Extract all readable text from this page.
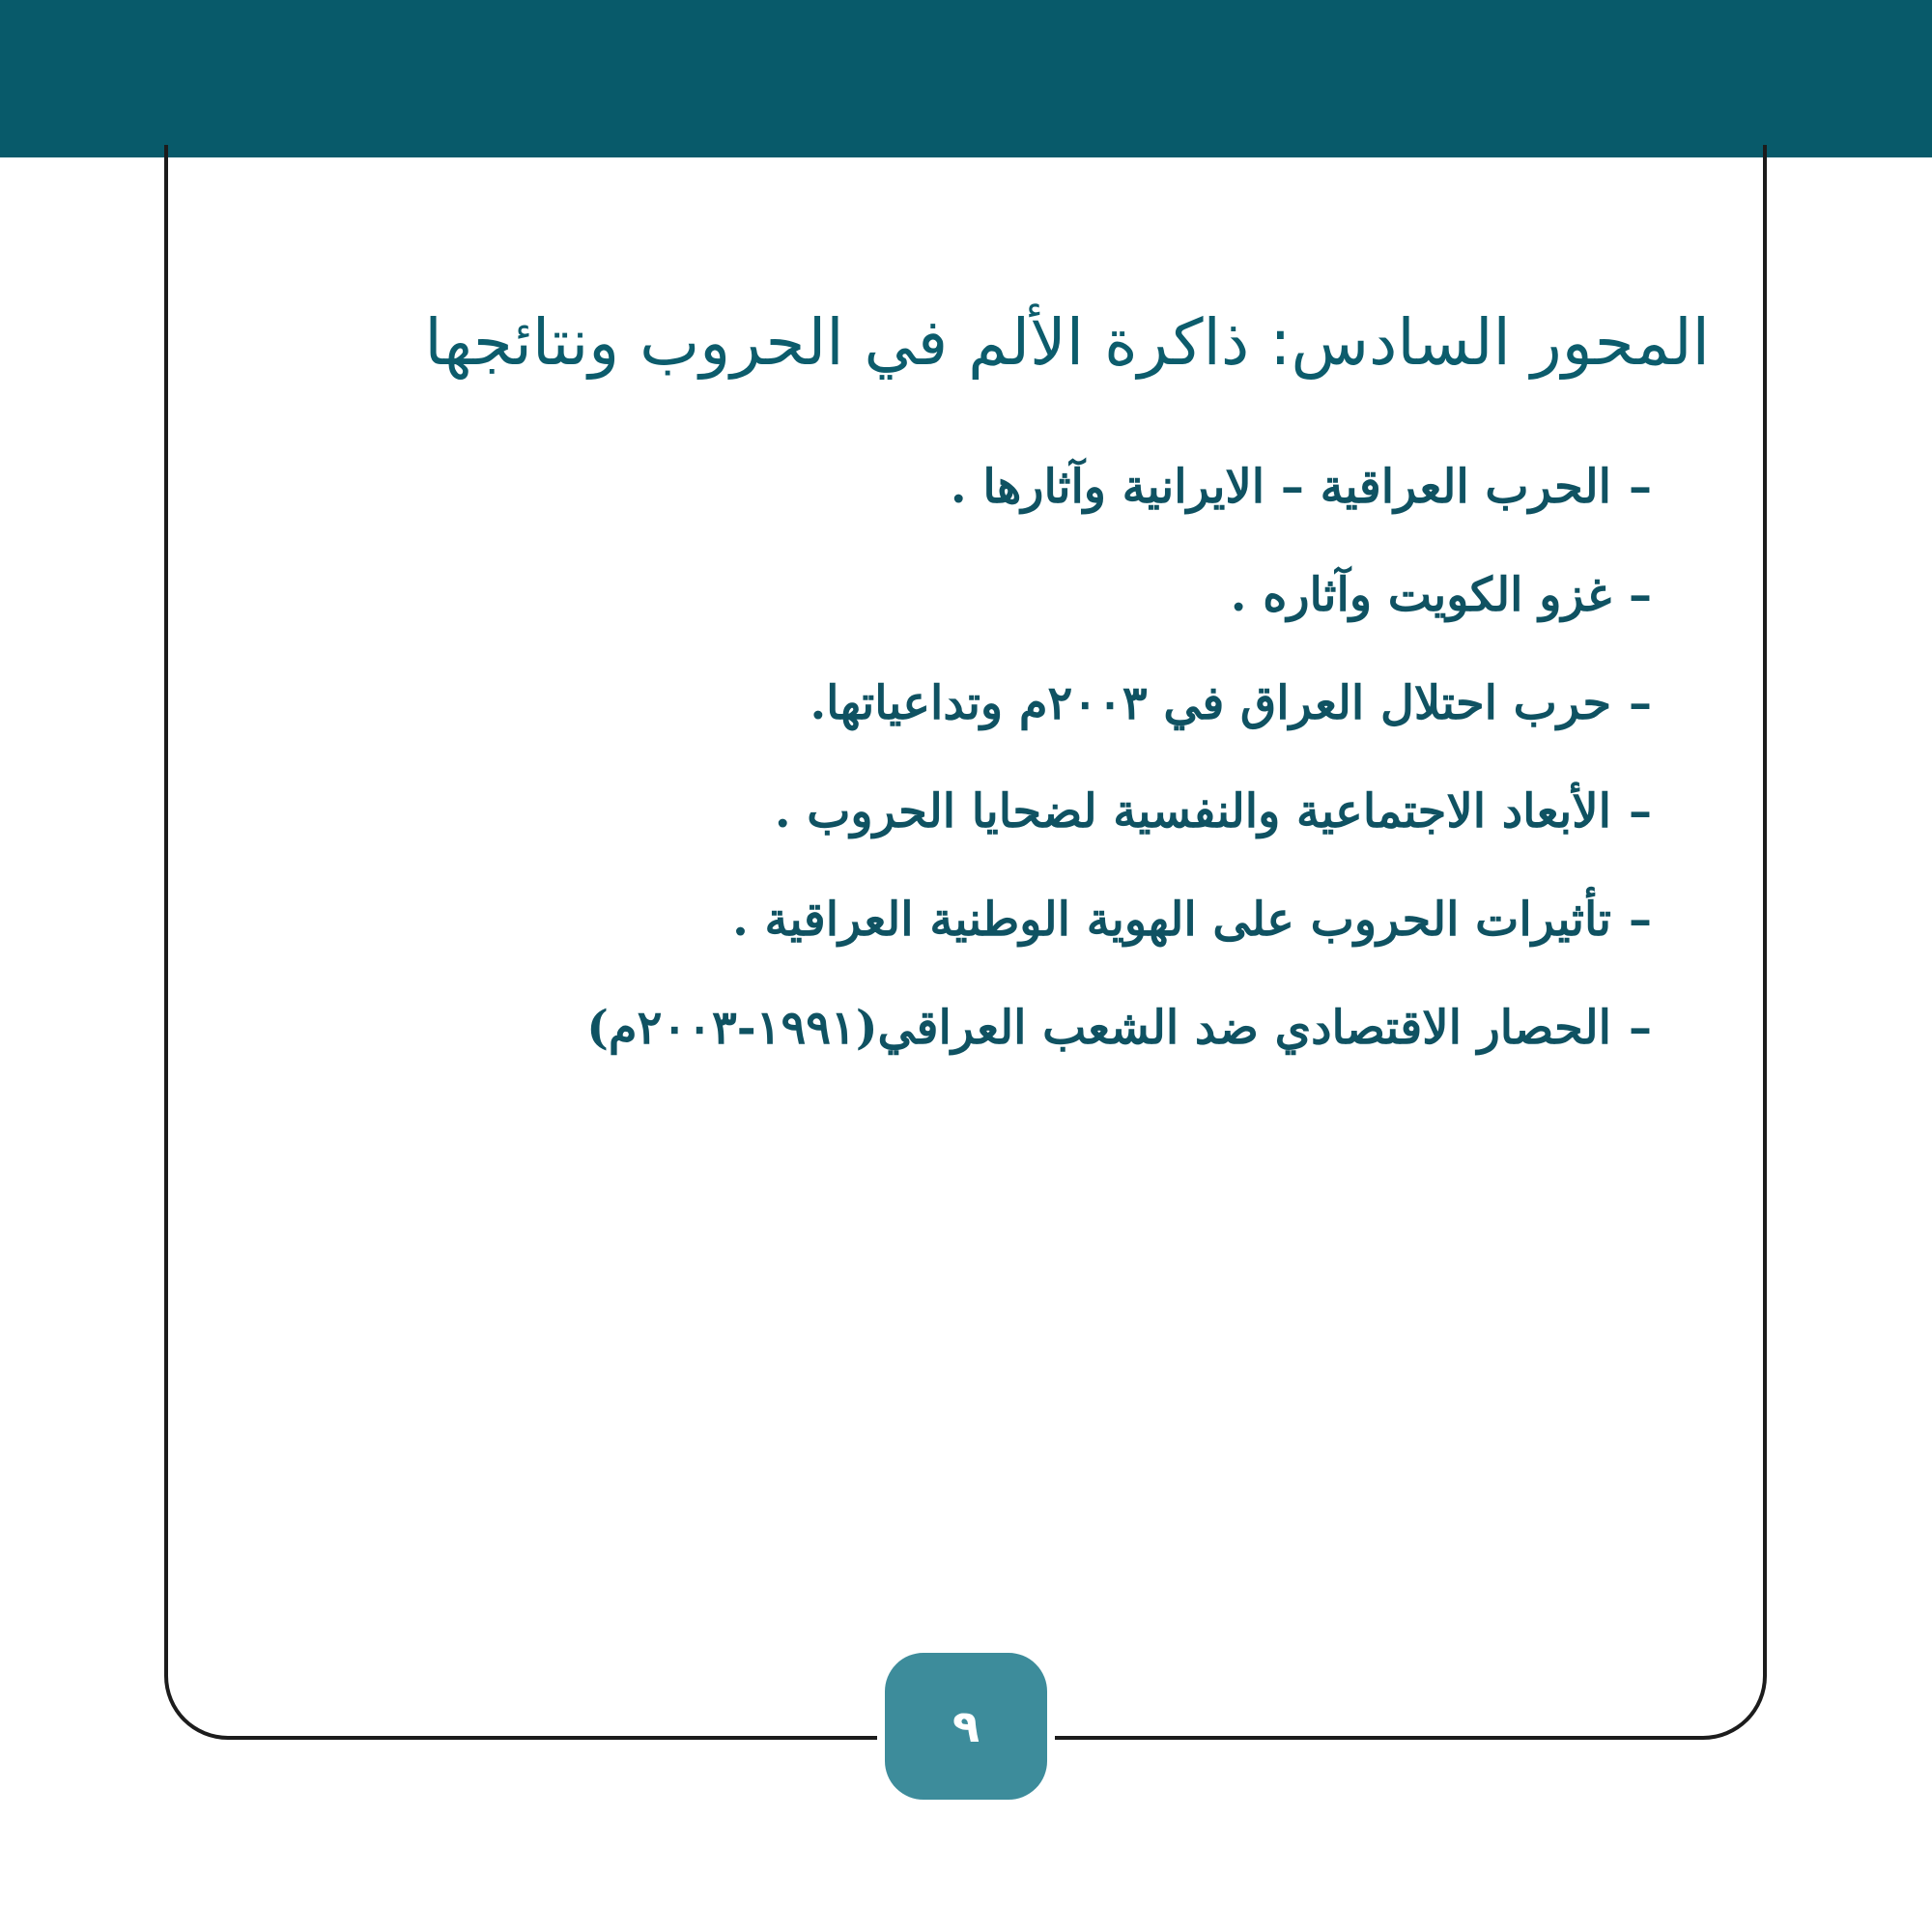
المحور السادس: ذاكرة الألم في الحروب ونتائجها
–الحرب العراقية – الايرانية وآثارها .
–غزو الكويت وآثاره .
–حرب احتلال العراق في ٢٠٠٣م وتداعياتها.
–الأبعاد الاجتماعية والنفسية لضحايا الحروب .
–تأثيرات الحروب على الهوية الوطنية العراقية .
–الحصار الاقتصادي ضد الشعب العراقي(١٩٩١-٢٠٠٣م)
٩
